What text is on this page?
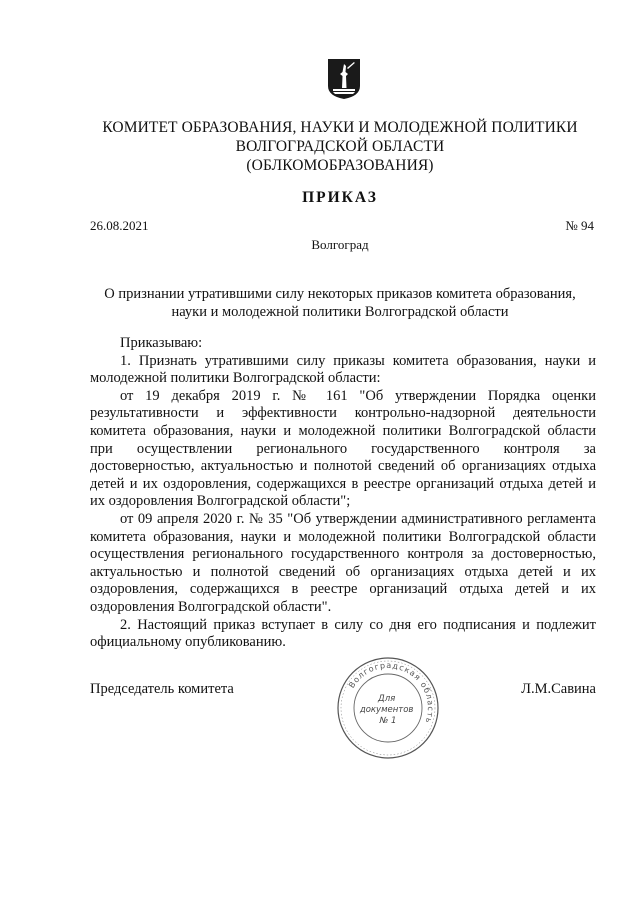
КОМИТЕТ ОБРАЗОВАНИЯ, НАУКИ И МОЛОДЕЖНОЙ ПОЛИТИКИ
ВОЛГОГРАДСКОЙ ОБЛАСТИ
(ОБЛКОМОБРАЗОВАНИЯ)
ПРИКАЗ
26.08.2021	№ 94
Волгоград
О признании утратившими силу некоторых приказов комитета образования,
науки и молодежной политики Волгоградской области

Приказываю:

1. Признать утратившими силу приказы комитета образования, науки и молодежной политики Волгоградской области:

от 19 декабря 2019 г. № 161 "Об утверждении Порядка оценки результативности и эффективности контрольно-надзорной деятельности комитета образования, науки и молодежной политики Волгоградской области при осуществлении регионального государственного контроля за достоверностью, актуальностью и полнотой сведений об организациях отдыха детей и их оздоровления, содержащихся в реестре организаций отдыха детей и их оздоровления Волгоградской области";

от 09 апреля 2020 г. № 35 "Об утверждении административного регламента комитета образования, науки и молодежной политики Волгоградской области осуществления регионального государственного контроля за достоверностью, актуальностью и полнотой сведений об организациях отдыха детей и их оздоровления, содержащихся в реестре организаций отдыха детей и их оздоровления Волгоградской области".

2. Настоящий приказ вступает в силу со дня его подписания и подлежит официальному опубликованию.

Председатель комитета	Л.М.Савина
Волгоградская область
Для документов № 1
